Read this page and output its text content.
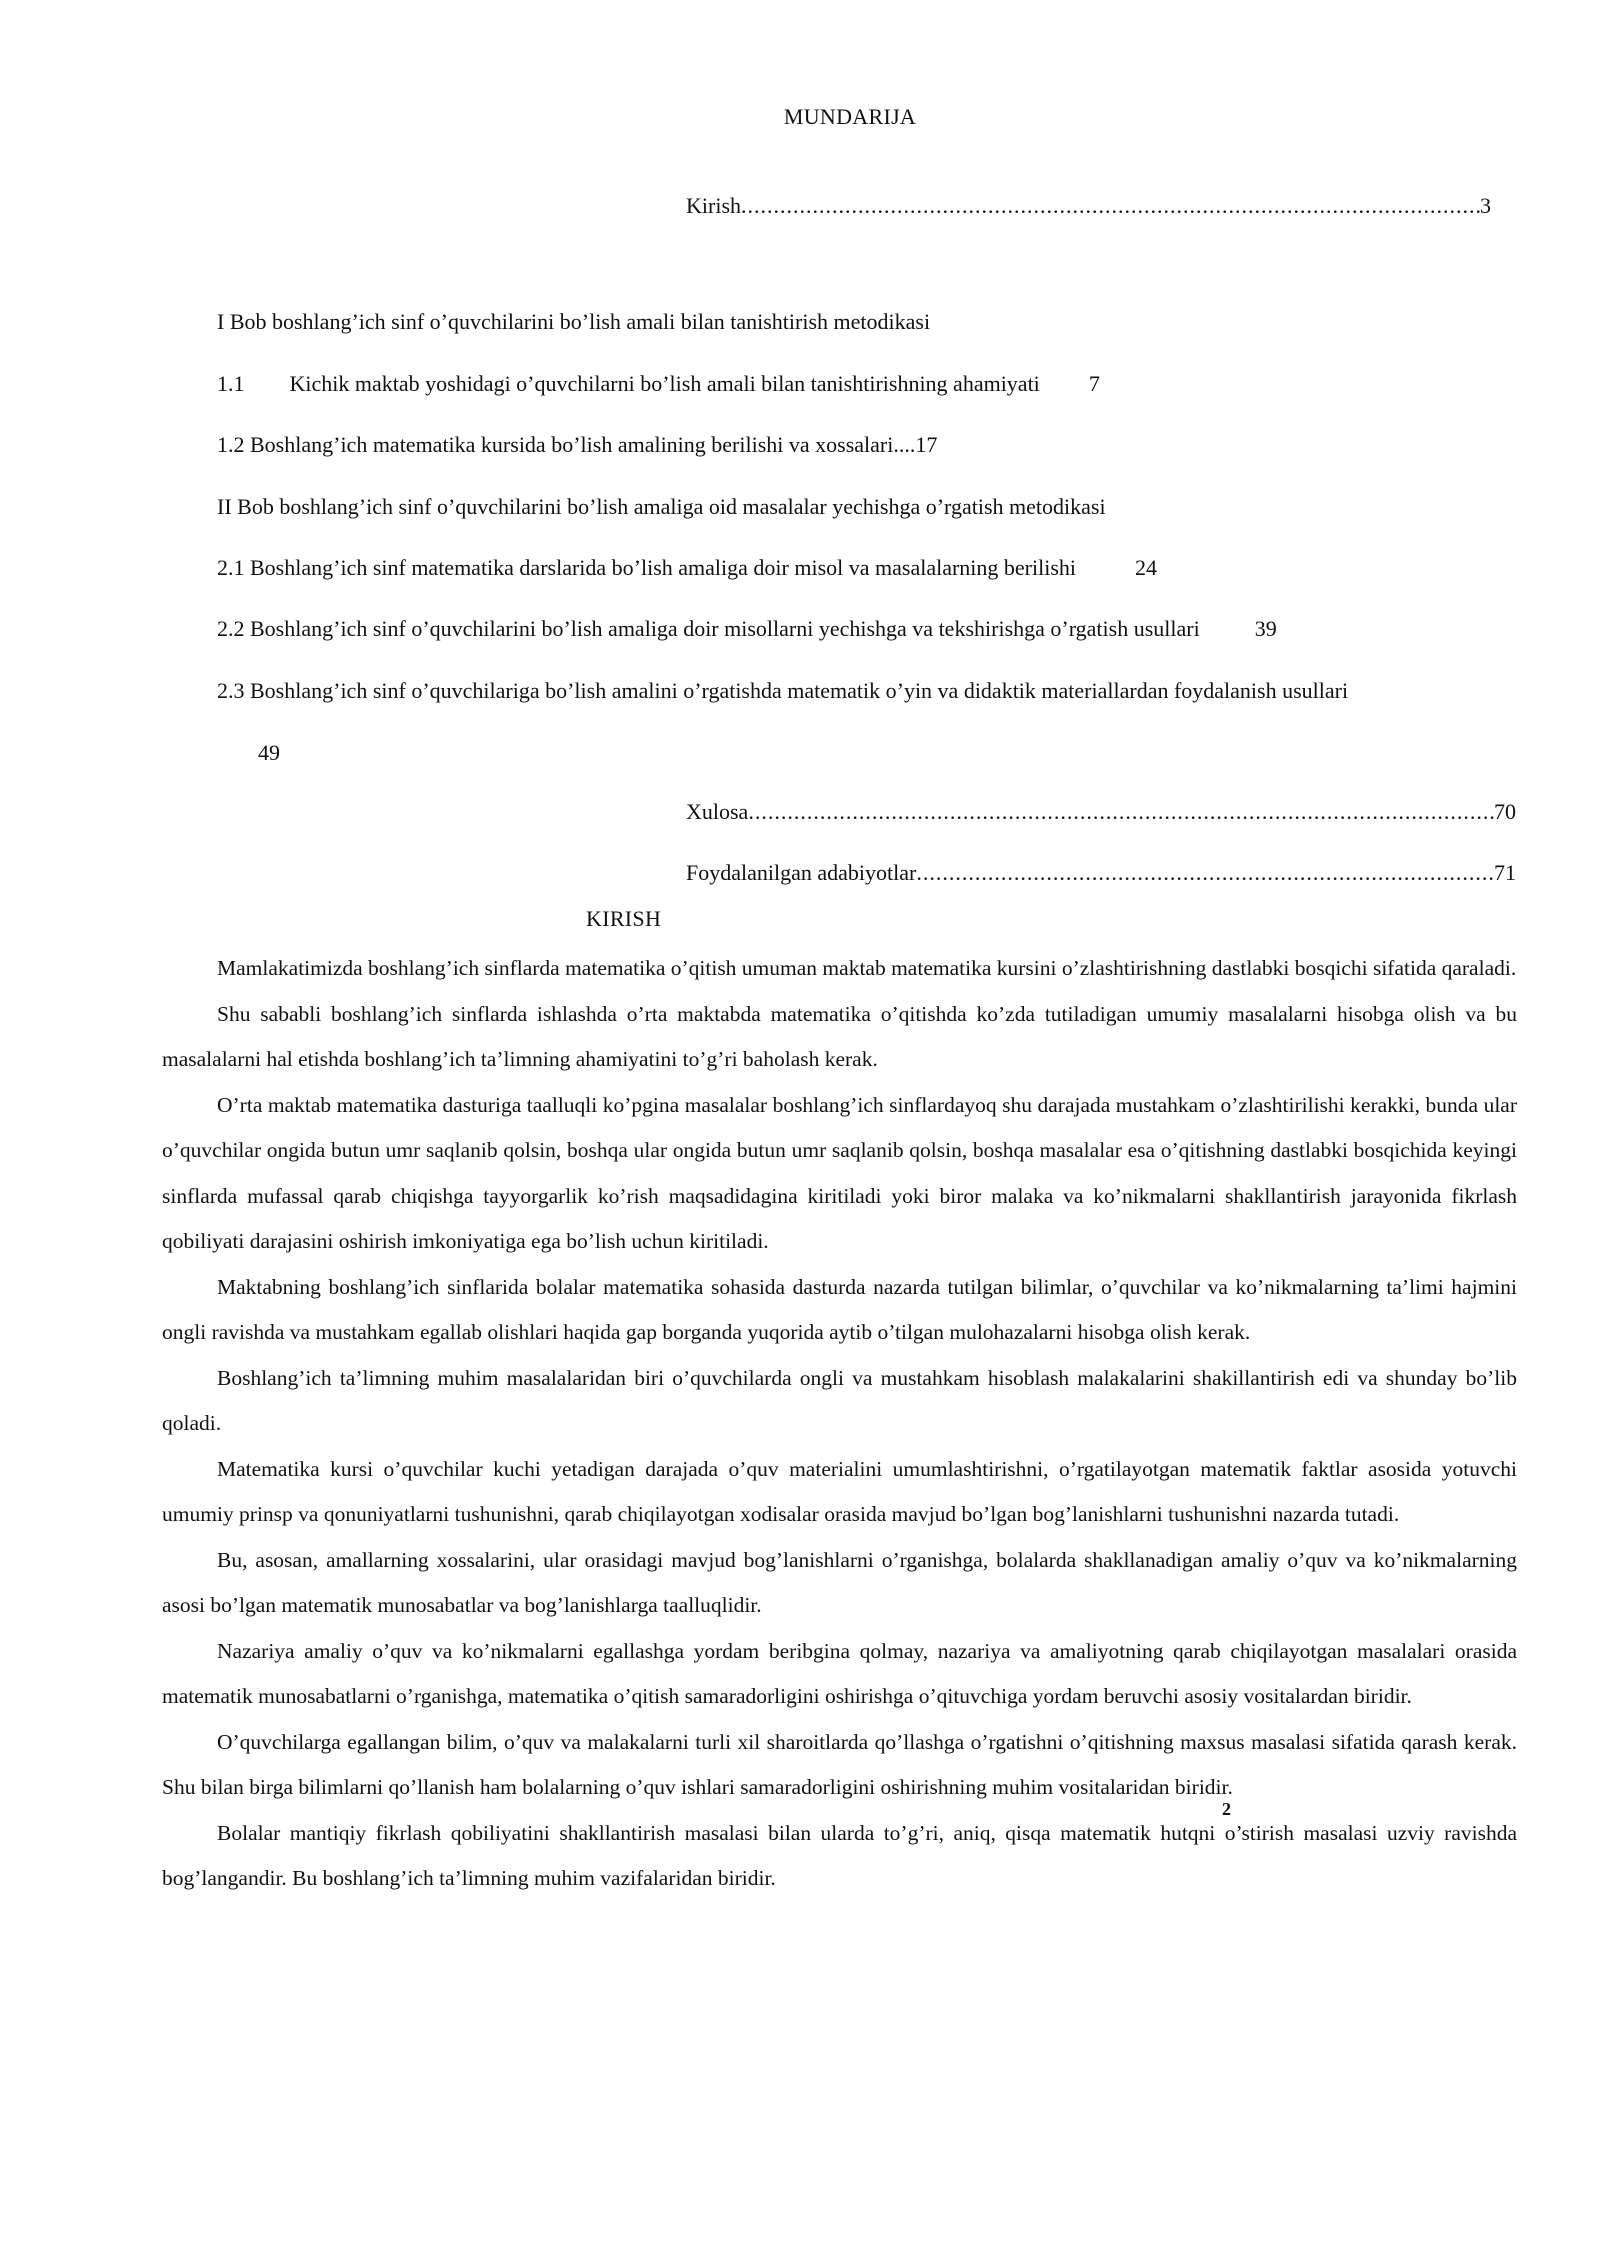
MUNDARIJA
Kirish .....	3
I Bob boshlang’ich sinf o’quvchilarini bo’lish amali bilan tanishtirish metodikasi
1.1 Kichik maktab yoshidagi o’quvchilarni bo’lish amali bilan tanishtirishning ahamiyati 7
1.2 Boshlang’ich matematika kursida bo’lish amalining berilishi va xossalari....17
II Bob boshlang’ich sinf o’quvchilarini bo’lish amaliga oid masalalar yechishga o’rgatish metodikasi
2.1 Boshlang’ich sinf matematika darslarida bo’lish amaliga doir misol va masalalarning berilishi	24
2.2 Boshlang’ich sinf o’quvchilarini bo’lish amaliga doir misollarni yechishga va tekshirishga o’rgatish usullari	39
2.3 Boshlang’ich sinf o’quvchilariga bo’lish amalini o’rgatishda matematik o’yin va didaktik materiallardan foydalanish usullari
49
Xulosa .....	70
Foydalanilgan adabiyotlar .....	71
KIRISH

Mamlakatimizda boshlang’ich sinflarda matematika o’qitish umuman maktab matematika kursini o’zlashtirishning dastlabki bosqichi sifatida qaraladi.

Shu sababli boshlang’ich sinflarda ishlashda o’rta maktabda matematika o’qitishda ko’zda tutiladigan umumiy masalalarni hisobga olish va bu masalalarni hal etishda boshlang’ich ta’limning ahamiyatini to’g’ri baholash kerak.

O’rta maktab matematika dasturiga taalluqli ko’pgina masalalar boshlang’ich sinflardayoq shu darajada mustahkam o’zlashtirilishi kerakki, bunda ular o’quvchilar ongida butun umr saqlanib qolsin, boshqa ular ongida butun umr saqlanib qolsin, boshqa masalalar esa o’qitishning dastlabki bosqichida keyingi sinflarda mufassal qarab chiqishga tayyorgarlik ko’rish maqsadidagina kiritiladi yoki biror malaka va ko’nikmalarni shakllantirish jarayonida fikrlash qobiliyati darajasini oshirish imkoniyatiga ega bo’lish uchun kiritiladi.

Maktabning boshlang’ich sinflarida bolalar matematika sohasida dasturda nazarda tutilgan bilimlar, o’quvchilar va ko’nikmalarning ta’limi hajmini ongli ravishda va mustahkam egallab olishlari haqida gap borganda yuqorida aytib o’tilgan mulohazalarni hisobga olish kerak.

Boshlang’ich ta’limning muhim masalalaridan biri o’quvchilarda ongli va mustahkam hisoblash malakalarini shakillantirish edi va shunday bo’lib qoladi.

Matematika kursi o’quvchilar kuchi yetadigan darajada o’quv materialini umumlashtirishni, o’rgatilayotgan matematik faktlar asosida yotuvchi umumiy prinsp va qonuniyatlarni tushunishni, qarab chiqilayotgan xodisalar orasida mavjud bo’lgan bog’lanishlarni tushunishni nazarda tutadi.

Bu, asosan, amallarning xossalarini, ular orasidagi mavjud bog’lanishlarni o’rganishga, bolalarda shakllanadigan amaliy o’quv va ko’nikmalarning asosi bo’lgan matematik munosabatlar va bog’lanishlarga taalluqlidir.

Nazariya amaliy o’quv va ko’nikmalarni egallashga yordam beribgina qolmay, nazariya va amaliyotning qarab chiqilayotgan masalalari orasida matematik munosabatlarni o’rganishga, matematika o’qitish samaradorligini oshirishga o’qituvchiga yordam beruvchi asosiy vositalardan biridir.

O’quvchilarga egallangan bilim, o’quv va malakalarni turli xil sharoitlarda qo’llashga o’rgatishni o’qitishning maxsus masalasi sifatida qarash kerak. Shu bilan birga bilimlarni qo’llanish ham bolalarning o’quv ishlari samaradorligini oshirishning muhim vositalaridan biridir.

Bolalar mantiqiy fikrlash qobiliyatini shakllantirish masalasi bilan ularda to’g’ri, aniq, qisqa matematik hutqni o’stirish masalasi uzviy ravishda bog’langandir. Bu boshlang’ich ta’limning muhim vazifalaridan biridir.

2
